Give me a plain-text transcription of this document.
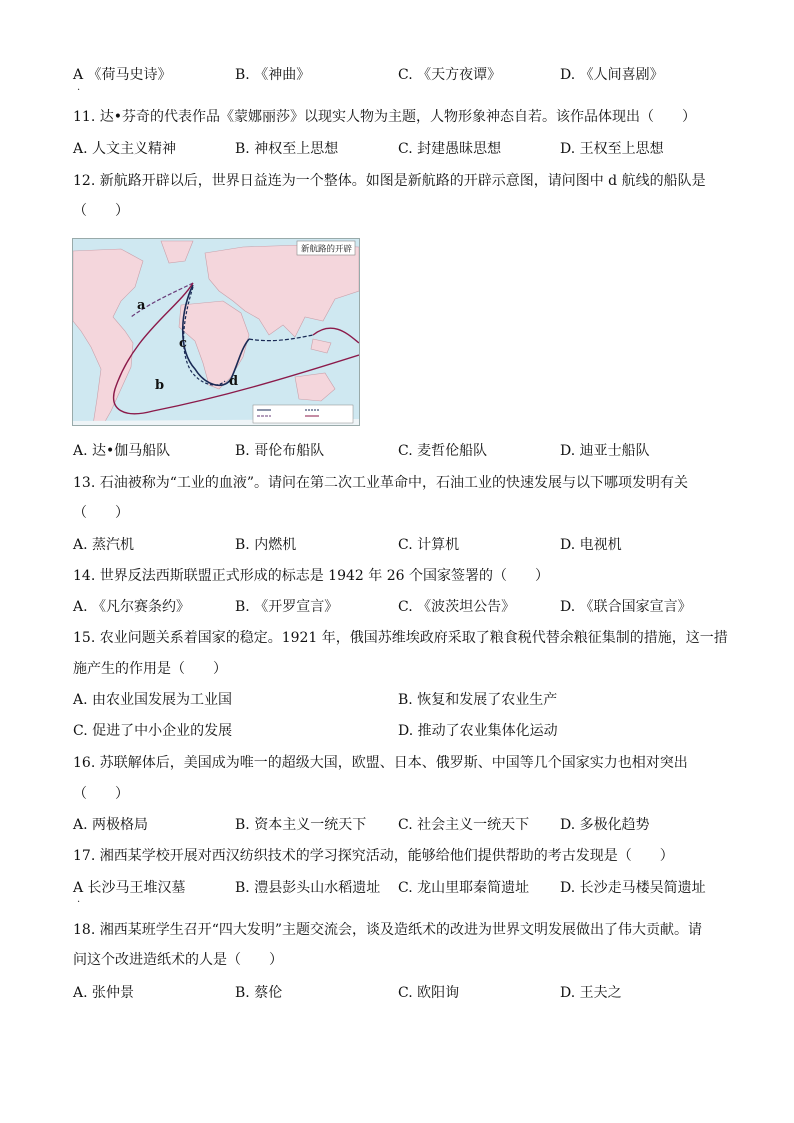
A 《荷马史诗》
·
B. 《神曲》	C. 《天方夜谭》	D. 《人间喜剧》
11. 达•芬奇的代表作品《蒙娜丽莎》以现实人物为主题，人物形象神态自若。该作品体现出（　　）
A. 人文主义精神	B. 神权至上思想	C. 封建愚昧思想	D. 王权至上思想
12. 新航路开辟以后，世界日益连为一个整体。如图是新航路的开辟示意图，请问图中 d 航线的船队是
（　　）
新航路的开辟
a
b
c
d
A. 达•伽马船队	B. 哥伦布船队	C. 麦哲伦船队	D. 迪亚士船队
13. 石油被称为“工业的血液”。请问在第二次工业革命中，石油工业的快速发展与以下哪项发明有关
（　　）
A. 蒸汽机	B. 内燃机	C. 计算机	D. 电视机
14. 世界反法西斯联盟正式形成的标志是 1942 年 26 个国家签署的（　　）
A. 《凡尔赛条约》	B. 《开罗宣言》	C. 《波茨坦公告》	D. 《联合国家宣言》
15. 农业问题关系着国家的稳定。1921 年，俄国苏维埃政府采取了粮食税代替余粮征集制的措施，这一措
施产生的作用是（　　）
A. 由农业国发展为工业国	B. 恢复和发展了农业生产
C. 促进了中小企业的发展	D. 推动了农业集体化运动
16. 苏联解体后，美国成为唯一的超级大国，欧盟、日本、俄罗斯、中国等几个国家实力也相对突出
（　　）
A. 两极格局	B. 资本主义一统天下 C. 社会主义一统天下 D. 多极化趋势
17. 湘西某学校开展对西汉纺织技术的学习探究活动，能够给他们提供帮助的考古发现是（　　）
A 长沙马王堆汉墓
·
B. 澧县彭头山水稻遗址 C. 龙山里耶秦简遗址 D. 长沙走马楼吴简遗址
18. 湘西某班学生召开“四大发明”主题交流会，谈及造纸术的改进为世界文明发展做出了伟大贡献。请
问这个改进造纸术的人是（　　）
A. 张仲景	B. 蔡伦	C. 欧阳询	D. 王夫之
